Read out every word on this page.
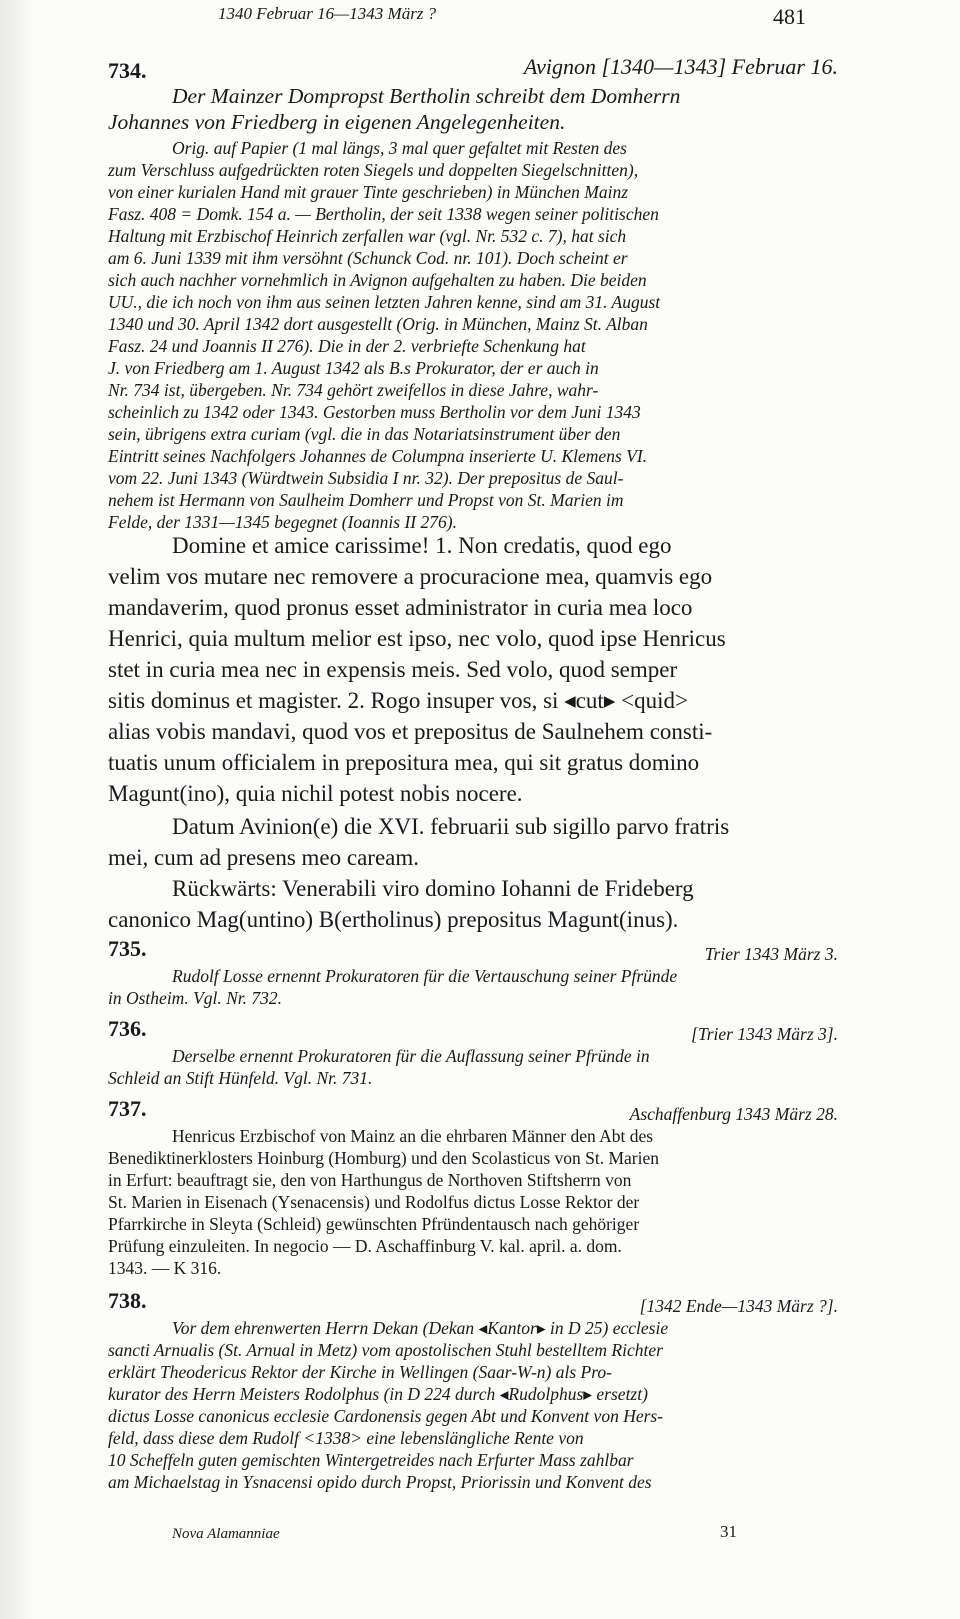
1340 Februar 16—1343 März ?	481
734.	Avignon [1340—1343] Februar 16.
Der Mainzer Dompropst Bertholin schreibt dem Domherrn
Johannes von Friedberg in eigenen Angelegenheiten.
Orig. auf Papier (1 mal längs, 3 mal quer gefaltet mit Resten des
zum Verschluss aufgedrückten roten Siegels und doppelten Siegelschnitten),
von einer kurialen Hand mit grauer Tinte geschrieben) in München Mainz
Fasz. 408 = Domk. 154 a. — Bertholin, der seit 1338 wegen seiner politischen
Haltung mit Erzbischof Heinrich zerfallen war (vgl. Nr. 532 c. 7), hat sich
am 6. Juni 1339 mit ihm versöhnt (Schunck Cod. nr. 101). Doch scheint er
sich auch nachher vornehmlich in Avignon aufgehalten zu haben. Die beiden
UU., die ich noch von ihm aus seinen letzten Jahren kenne, sind am 31. August
1340 und 30. April 1342 dort ausgestellt (Orig. in München, Mainz St. Alban
Fasz. 24 und Joannis II 276). Die in der 2. verbriefte Schenkung hat
J. von Friedberg am 1. August 1342 als B.s Prokurator, der er auch in
Nr. 734 ist, übergeben. Nr. 734 gehört zweifellos in diese Jahre, wahr-
scheinlich zu 1342 oder 1343. Gestorben muss Bertholin vor dem Juni 1343
sein, übrigens extra curiam (vgl. die in das Notariatsinstrument über den
Eintritt seines Nachfolgers Johannes de Columpna inserierte U. Klemens VI.
vom 22. Juni 1343 (Würdtwein Subsidia I nr. 32). Der prepositus de Saul-
nehem ist Hermann von Saulheim Domherr und Propst von St. Marien im
Felde, der 1331—1345 begegnet (Ioannis II 276).
Domine et amice carissime! 1. Non credatis, quod ego
velim vos mutare nec removere a procuracione mea, quamvis ego
mandaverim, quod pronus esset administrator in curia mea loco
Henrici, quia multum melior est ipso, nec volo, quod ipse Henricus
stet in curia mea nec in expensis meis. Sed volo, quod semper
sitis dominus et magister. 2. Rogo insuper vos, si ◂cut▸ <quid>
alias vobis mandavi, quod vos et prepositus de Saulnehem consti-
tuatis unum officialem in prepositura mea, qui sit gratus domino
Magunt(ino), quia nichil potest nobis nocere.
Datum Avinion(e) die XVI. februarii sub sigillo parvo fratris
mei, cum ad presens meo caream.
Rückwärts: Venerabili viro domino Iohanni de Frideberg
canonico Mag(untino) B(ertholinus) prepositus Magunt(inus).
735.	Trier 1343 März 3.
Rudolf Losse ernennt Prokuratoren für die Vertauschung seiner Pfründe
in Ostheim. Vgl. Nr. 732.
736.	[Trier 1343 März 3].
Derselbe ernennt Prokuratoren für die Auflassung seiner Pfründe in
Schleid an Stift Hünfeld. Vgl. Nr. 731.
737.	Aschaffenburg 1343 März 28.
Henricus Erzbischof von Mainz an die ehrbaren Männer den Abt des
Benediktinerklosters Hoinburg (Homburg) und den Scolasticus von St. Marien
in Erfurt: beauftragt sie, den von Harthungus de Northoven Stiftsherrn von
St. Marien in Eisenach (Ysenacensis) und Rodolfus dictus Losse Rektor der
Pfarrkirche in Sleyta (Schleid) gewünschten Pfründentausch nach gehöriger
Prüfung einzuleiten. In negocio — D. Aschaffinburg V. kal. april. a. dom.
1343. — K 316.
738.	[1342 Ende—1343 März ?].
Vor dem ehrenwerten Herrn Dekan (Dekan ◂Kantor▸ in D 25) ecclesie
sancti Arnualis (St. Arnual in Metz) vom apostolischen Stuhl bestelltem Richter
erklärt Theodericus Rektor der Kirche in Wellingen (Saar-W-n) als Pro-
kurator des Herrn Meisters Rodolphus (in D 224 durch ◂Rudolphus▸ ersetzt)
dictus Losse canonicus ecclesie Cardonensis gegen Abt und Konvent von Hers-
feld, dass diese dem Rudolf <1338> eine lebenslängliche Rente von
10 Scheffeln guten gemischten Wintergetreides nach Erfurter Mass zahlbar
am Michaelstag in Ysnacensi opido durch Propst, Priorissin und Konvent des
Nova Alamanniae	31
